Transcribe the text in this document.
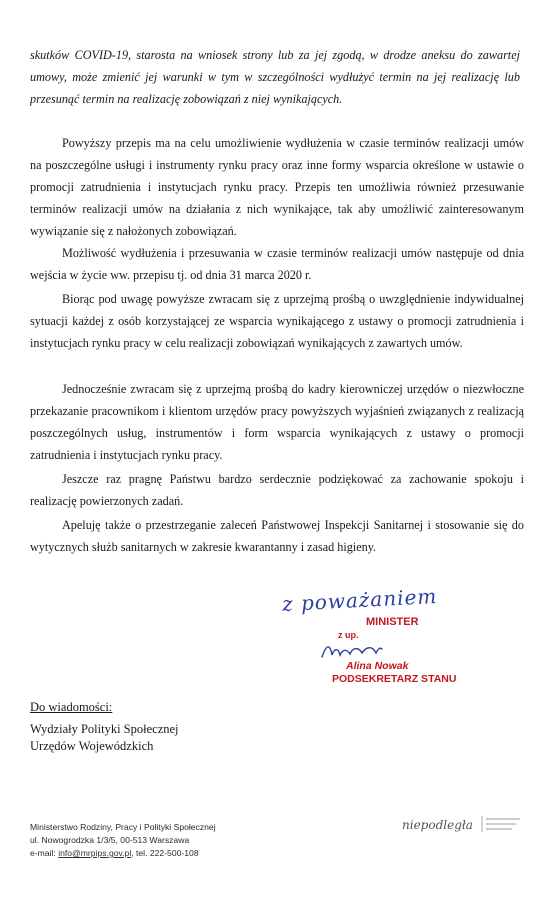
skutków COVID-19, starosta na wniosek strony lub za jej zgodą, w drodze aneksu do zawartej umowy, może zmienić jej warunki w tym w szczególności wydłużyć termin na jej realizację lub przesunąć termin na realizację zobowiązań z niej wynikających.
Powyższy przepis ma na celu umożliwienie wydłużenia w czasie terminów realizacji umów na poszczególne usługi i instrumenty rynku pracy oraz inne formy wsparcia określone w ustawie o promocji zatrudnienia i instytucjach rynku pracy. Przepis ten umożliwia również przesuwanie terminów realizacji umów na działania z nich wynikające, tak aby umożliwić zainteresowanym wywiązanie się z nałożonych zobowiązań.
Możliwość wydłużenia i przesuwania w czasie terminów realizacji umów następuje od dnia wejścia w życie ww. przepisu tj. od dnia 31 marca 2020 r.
Biorąc pod uwagę powyższe zwracam się z uprzejmą prośbą o uwzględnienie indywidualnej sytuacji każdej z osób korzystającej ze wsparcia wynikającego z ustawy o promocji zatrudnienia i instytucjach rynku pracy w celu realizacji zobowiązań wynikających z zawartych umów.
Jednocześnie zwracam się z uprzejmą prośbą do kadry kierowniczej urzędów o niezwłoczne przekazanie pracownikom i klientom urzędów pracy powyższych wyjaśnień związanych z realizacją poszczególnych usług, instrumentów i form wsparcia wynikających z ustawy o promocji zatrudnienia i instytucjach rynku pracy.
Jeszcze raz pragnę Państwu bardzo serdecznie podziękować za zachowanie spokoju i realizację powierzonych zadań.
Apeluję także o przestrzeganie zaleceń Państwowej Inspekcji Sanitarnej i stosowanie się do wytycznych służb sanitarnych w zakresie kwarantanny i zasad higieny.
z poważaniem
MINISTER
z up.
Alina Nowak
PODSEKRETARZ STANU
Do wiadomości:
Wydziały Polityki Społecznej
Urzędów Wojewódzkich
Ministerstwo Rodziny, Pracy i Polityki Społecznej
ul. Nowogrodzka 1/3/5, 00-513 Warszawa
e-mail: info@mrpips.gov.pl, tel. 222-500-108
niepodległa
